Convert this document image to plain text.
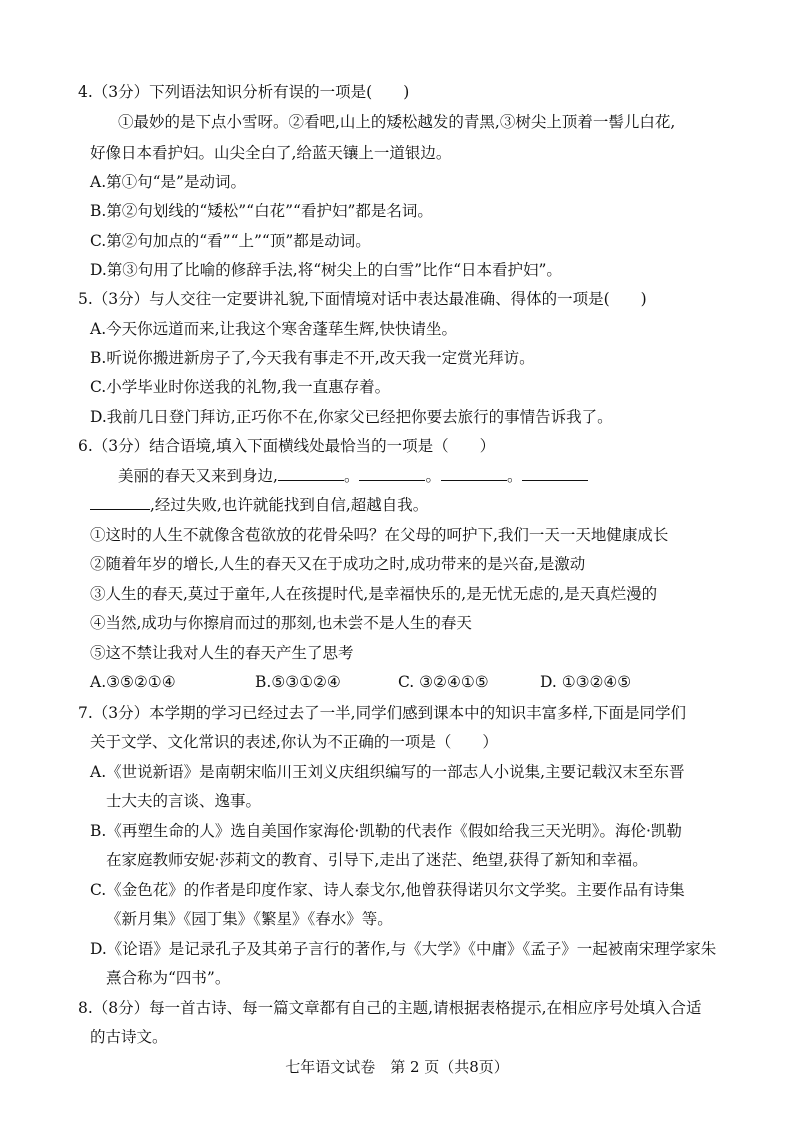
4.（3分）下列语法知识分析有误的一项是(　　)
①最妙的是下点小雪呀。②看吧,山上的矮松越发的青黑,③树尖上顶着一髻儿白花,
好像日本看护妇。山尖全白了,给蓝天镶上一道银边。
A.第①句“是”是动词。
B.第②句划线的“矮松”“白花”“看护妇”都是名词。
C.第②句加点的“看”“上”“顶”都是动词。
D.第③句用了比喻的修辞手法,将“树尖上的白雪”比作“日本看护妇”。
5.（3分）与人交往一定要讲礼貌,下面情境对话中表达最准确、得体的一项是(　　)
A.今天你远道而来,让我这个寒舍蓬荜生辉,快快请坐。
B.听说你搬进新房子了,今天我有事走不开,改天我一定赏光拜访。
C.小学毕业时你送我的礼物,我一直惠存着。
D.我前几日登门拜访,正巧你不在,你家父已经把你要去旅行的事情告诉我了。
6.（3分）结合语境,填入下面横线处最恰当的一项是（　　）
美丽的春天又来到身边,	。	。	。
,经过失败,也许就能找到自信,超越自我。
①这时的人生不就像含苞欲放的花骨朵吗？在父母的呵护下,我们一天一天地健康成长
②随着年岁的增长,人生的春天又在于成功之时,成功带来的是兴奋,是激动
③人生的春天,莫过于童年,人在孩提时代,是幸福快乐的,是无忧无虑的,是天真烂漫的
④当然,成功与你擦肩而过的那刻,也未尝不是人生的春天
⑤这不禁让我对人生的春天产生了思考
A.③⑤②①④	B.⑤③①②④	C. ③②④①⑤	D. ①③②④⑤
7.（3分）本学期的学习已经过去了一半,同学们感到课本中的知识丰富多样,下面是同学们
关于文学、文化常识的表述,你认为不正确的一项是（　　）
A.《世说新语》是南朝宋临川王刘义庆组织编写的一部志人小说集,主要记载汉末至东晋
士大夫的言谈、逸事。
B.《再塑生命的人》选自美国作家海伦·凯勒的代表作《假如给我三天光明》。海伦·凯勒
在家庭教师安妮·莎莉文的教育、引导下,走出了迷茫、绝望,获得了新知和幸福。
C.《金色花》的作者是印度作家、诗人泰戈尔,他曾获得诺贝尔文学奖。主要作品有诗集
《新月集》《园丁集》《繁星》《春水》等。
D.《论语》是记录孔子及其弟子言行的著作,与《大学》《中庸》《孟子》一起被南宋理学家朱
熹合称为“四书”。
8.（8分）每一首古诗、每一篇文章都有自己的主题,请根据表格提示,在相应序号处填入合适
的古诗文。
七年语文试卷　第 2 页（共8页）
